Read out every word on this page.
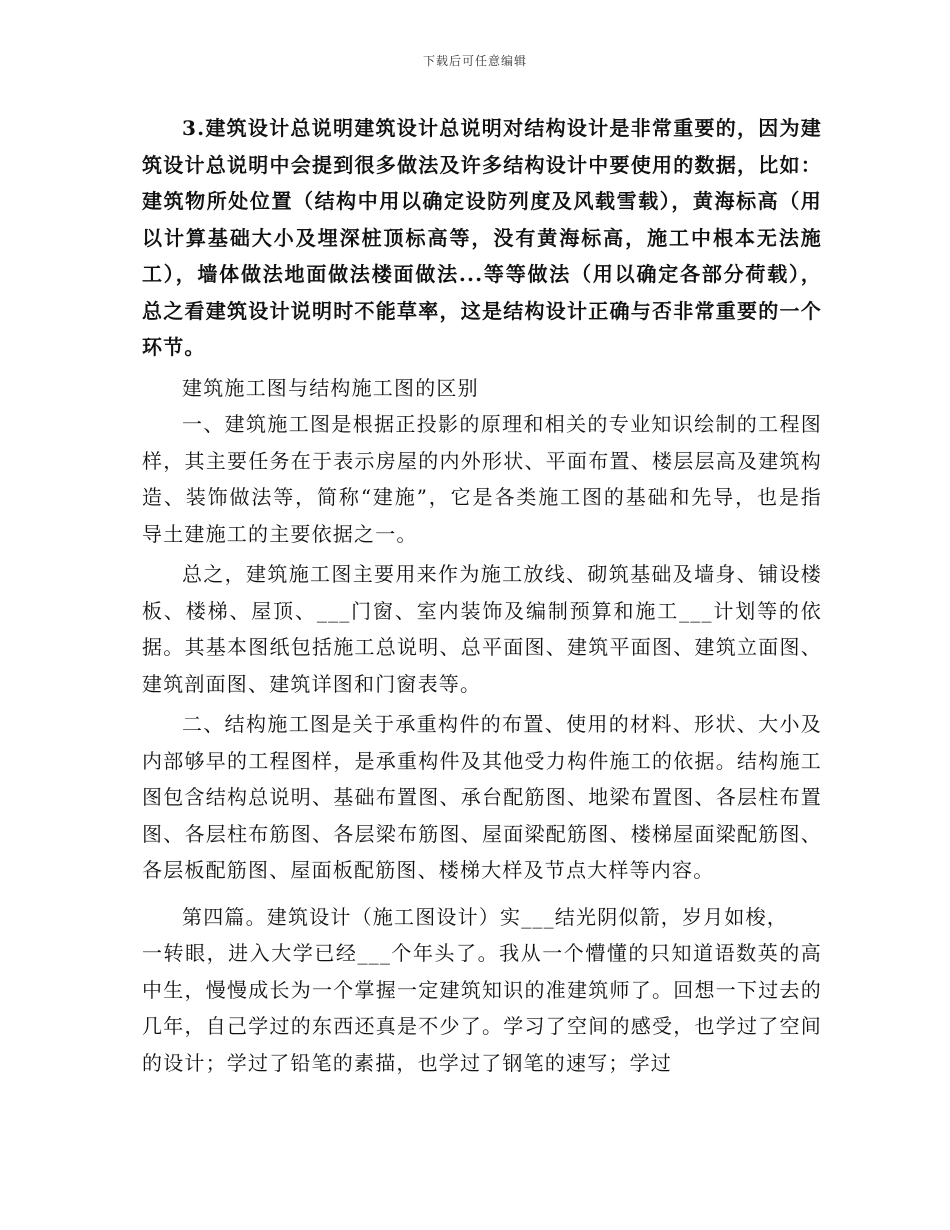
下载后可任意编辑

3.建筑设计总说明建筑设计总说明对结构设计是非常重要的，因为建筑设计总说明中会提到很多做法及许多结构设计中要使用的数据，比如：建筑物所处位置（结构中用以确定设防列度及风载雪载），黄海标高（用以计算基础大小及埋深桩顶标高等，没有黄海标高，施工中根本无法施工），墙体做法地面做法楼面做法...等等做法（用以确定各部分荷载），总之看建筑设计说明时不能草率，这是结构设计正确与否非常重要的一个环节。

建筑施工图与结构施工图的区别

一、建筑施工图是根据正投影的原理和相关的专业知识绘制的工程图样，其主要任务在于表示房屋的内外形状、平面布置、楼层层高及建筑构造、装饰做法等，简称“建施”，它是各类施工图的基础和先导，也是指导土建施工的主要依据之一。

总之，建筑施工图主要用来作为施工放线、砌筑基础及墙身、铺设楼板、楼梯、屋顶、___门窗、室内装饰及编制预算和施工___计划等的依据。其基本图纸包括施工总说明、总平面图、建筑平面图、建筑立面图、建筑剖面图、建筑详图和门窗表等。

二、结构施工图是关于承重构件的布置、使用的材料、形状、大小及内部够早的工程图样，是承重构件及其他受力构件施工的依据。结构施工图包含结构总说明、基础布置图、承台配筋图、地梁布置图、各层柱布置图、各层柱布筋图、各层梁布筋图、屋面梁配筋图、楼梯屋面梁配筋图、各层板配筋图、屋面板配筋图、楼梯大样及节点大样等内容。

第四篇。建筑设计（施工图设计）实___结光阴似箭，岁月如梭，
一转眼，进入大学已经___个年头了。我从一个懵懂的只知道语数英的高中生，慢慢成长为一个掌握一定建筑知识的准建筑师了。回想一下过去的几年，自己学过的东西还真是不少了。学习了空间的感受，也学过了空间的设计；学过了铅笔的素描，也学过了钢笔的速写；学过
